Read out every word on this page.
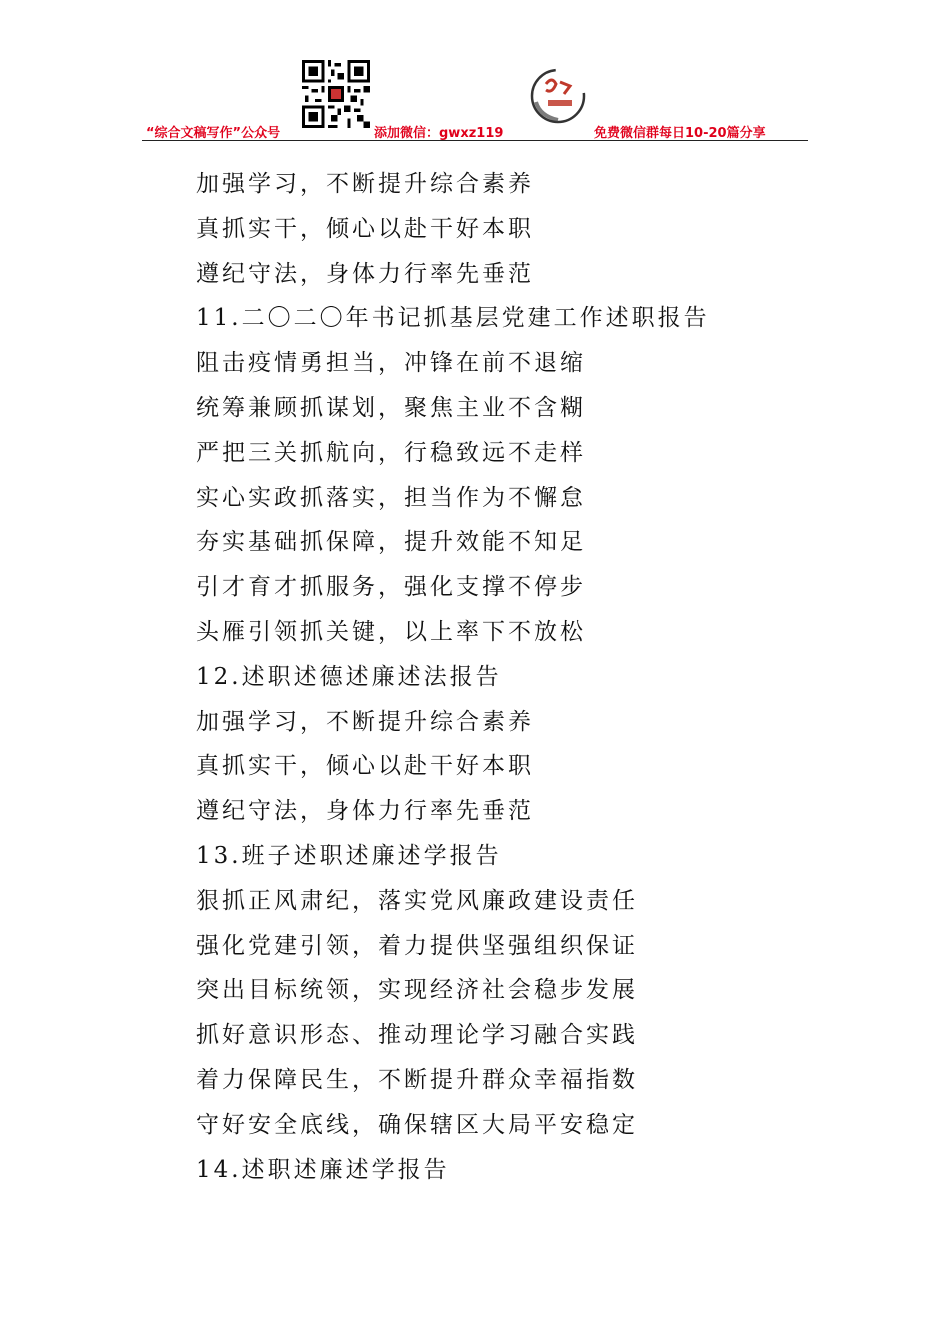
“综合文稿写作”公众号	添加微信：gwxz119	免费微信群每日10-20篇分享
加强学习，不断提升综合素养
真抓实干，倾心以赴干好本职
遵纪守法，身体力行率先垂范
11.二〇二〇年书记抓基层党建工作述职报告
阻击疫情勇担当，冲锋在前不退缩
统筹兼顾抓谋划，聚焦主业不含糊
严把三关抓航向，行稳致远不走样
实心实政抓落实，担当作为不懈怠
夯实基础抓保障，提升效能不知足
引才育才抓服务，强化支撑不停步
头雁引领抓关键，以上率下不放松
12.述职述德述廉述法报告
加强学习，不断提升综合素养
真抓实干，倾心以赴干好本职
遵纪守法，身体力行率先垂范
13.班子述职述廉述学报告
狠抓正风肃纪，落实党风廉政建设责任
强化党建引领，着力提供坚强组织保证
突出目标统领，实现经济社会稳步发展
抓好意识形态、推动理论学习融合实践
着力保障民生，不断提升群众幸福指数
守好安全底线，确保辖区大局平安稳定
14.述职述廉述学报告
